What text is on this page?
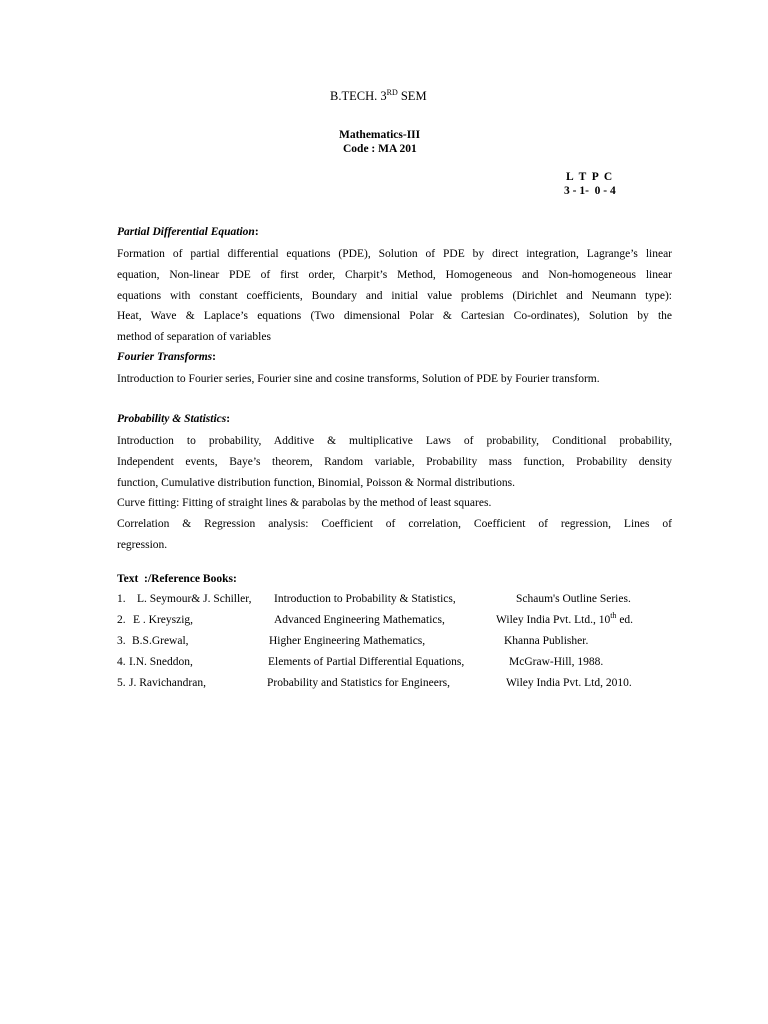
B.TECH. 3RD SEM
Mathematics-III
Code : MA 201
L  T  P  C
3 - 1-  0 - 4
Partial Differential Equation:
Formation of partial differential equations (PDE), Solution of PDE by direct integration, Lagrange’s linear
equation, Non-linear PDE of first order, Charpit’s Method, Homogeneous and Non-homogeneous linear
equations with constant coefficients, Boundary and initial value problems (Dirichlet and Neumann type):
Heat, Wave & Laplace’s equations (Two dimensional Polar & Cartesian Co-ordinates), Solution by the
method of separation of variables
Fourier Transforms:
Introduction to Fourier series, Fourier sine and cosine transforms, Solution of PDE by Fourier transform.
Probability & Statistics:
Introduction to probability, Additive & multiplicative Laws of probability, Conditional probability,
Independent events, Baye’s theorem, Random variable, Probability mass function, Probability density
function, Cumulative distribution function, Binomial, Poisson & Normal distributions.
Curve fitting: Fitting of straight lines & parabolas by the method of least squares.
Correlation & Regression analysis: Coefficient of correlation, Coefficient of regression, Lines of
regression.
Text  :/Reference Books:
1. L. Seymour& J. Schiller, Introduction to Probability & Statistics,	Schaum's Outline Series.
2. E . Kreyszig,	Advanced Engineering Mathematics,	Wiley India Pvt. Ltd., 10th ed.
3. B.S.Grewal,	Higher Engineering Mathematics,	Khanna Publisher.
4. I.N. Sneddon,	Elements of Partial Differential Equations,	McGraw-Hill, 1988.
5. J. Ravichandran,	Probability and Statistics for Engineers,	Wiley India Pvt. Ltd, 2010.
